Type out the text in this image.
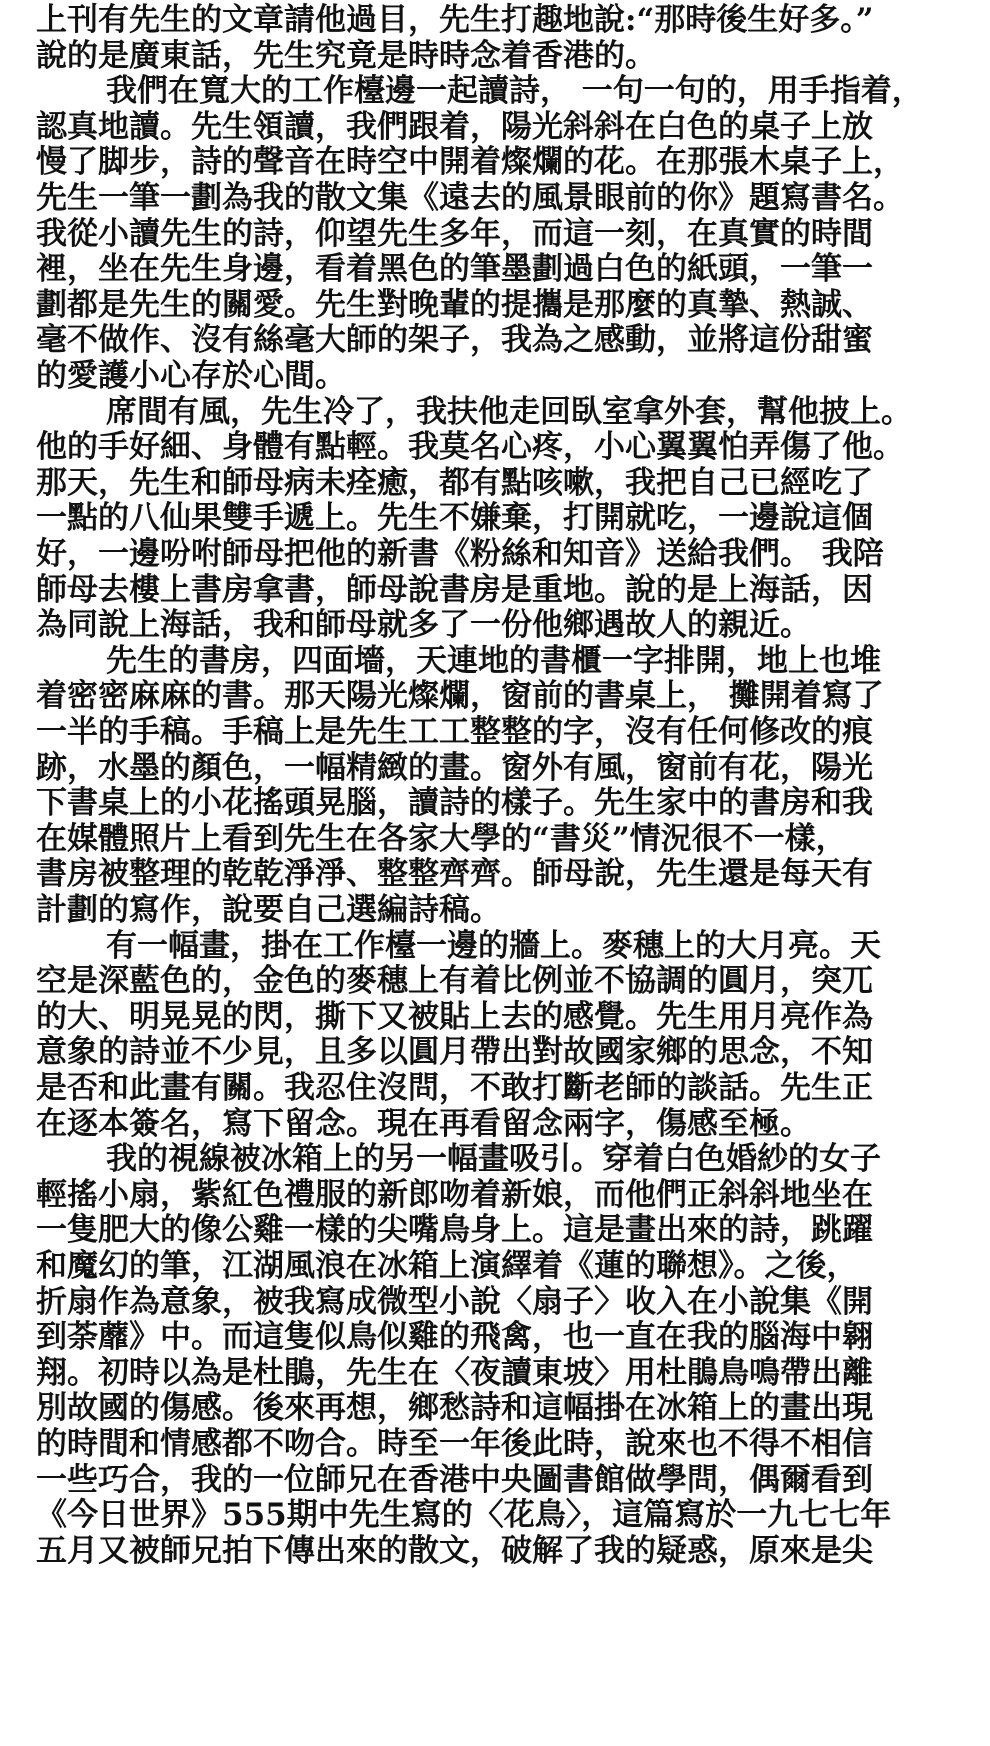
上刊有先生的文章請他過目，先生打趣地說:“那時後生好多。”
說的是廣東話，先生究竟是時時念着香港的。
我們在寬大的工作檯邊一起讀詩， 一句一句的，用手指着，
認真地讀。先生領讀，我們跟着，陽光斜斜在白色的桌子上放
慢了脚步，詩的聲音在時空中開着燦爛的花。在那張木桌子上，
先生一筆一劃為我的散文集《遠去的風景眼前的你》題寫書名。
我從小讀先生的詩，仰望先生多年，而這一刻，在真實的時間
裡，坐在先生身邊，看着黑色的筆墨劃過白色的紙頭，一筆一
劃都是先生的關愛。先生對晚輩的提攜是那麼的真摯、熱誠、
毫不做作、沒有絲毫大師的架子，我為之感動，並將這份甜蜜
的愛護小心存於心間。
席間有風，先生冷了，我扶他走回臥室拿外套，幫他披上。
他的手好細、身體有點輕。我莫名心疼，小心翼翼怕弄傷了他。
那天，先生和師母病未痊癒，都有點咳嗽，我把自己已經吃了
一點的八仙果雙手遞上。先生不嫌棄，打開就吃，一邊說這個
好，一邊吩咐師母把他的新書《粉絲和知音》送給我們。 我陪
師母去樓上書房拿書，師母說書房是重地。說的是上海話，因
為同說上海話，我和師母就多了一份他鄉遇故人的親近。
先生的書房，四面墻，天連地的書櫃一字排開，地上也堆
着密密麻麻的書。那天陽光燦爛，窗前的書桌上， 攤開着寫了
一半的手稿。手稿上是先生工工整整的字，沒有任何修改的痕
跡，水墨的顏色，一幅精緻的畫。窗外有風，窗前有花，陽光
下書桌上的小花搖頭晃腦，讀詩的樣子。先生家中的書房和我
在媒體照片上看到先生在各家大學的“書災”情況很不一樣，
書房被整理的乾乾淨淨、整整齊齊。師母說，先生還是每天有
計劃的寫作，說要自己選編詩稿。
有一幅畫，掛在工作檯一邊的牆上。麥穗上的大月亮。天
空是深藍色的，金色的麥穗上有着比例並不協調的圓月，突兀
的大、明晃晃的閃，撕下又被貼上去的感覺。先生用月亮作為
意象的詩並不少見，且多以圓月帶出對故國家鄉的思念，不知
是否和此畫有關。我忍住沒問，不敢打斷老師的談話。先生正
在逐本簽名，寫下留念。現在再看留念兩字，傷感至極。
我的視線被冰箱上的另一幅畫吸引。穿着白色婚紗的女子
輕搖小扇，紫紅色禮服的新郎吻着新娘，而他們正斜斜地坐在
一隻肥大的像公雞一樣的尖嘴鳥身上。這是畫出來的詩，跳躍
和魔幻的筆，江湖風浪在冰箱上演繹着《蓮的聯想》。之後，
折扇作為意象，被我寫成微型小說〈扇子〉收入在小說集《開
到荼蘼》中。而這隻似鳥似雞的飛禽，也一直在我的腦海中翱
翔。初時以為是杜鵑，先生在〈夜讀東坡〉用杜鵑鳥鳴帶出離
別故國的傷感。後來再想，鄉愁詩和這幅掛在冰箱上的畫出現
的時間和情感都不吻合。時至一年後此時，說來也不得不相信
一些巧合，我的一位師兄在香港中央圖書館做學問，偶爾看到
《今日世界》555期中先生寫的〈花鳥〉，這篇寫於一九七七年
五月又被師兄拍下傳出來的散文，破解了我的疑惑，原來是尖
